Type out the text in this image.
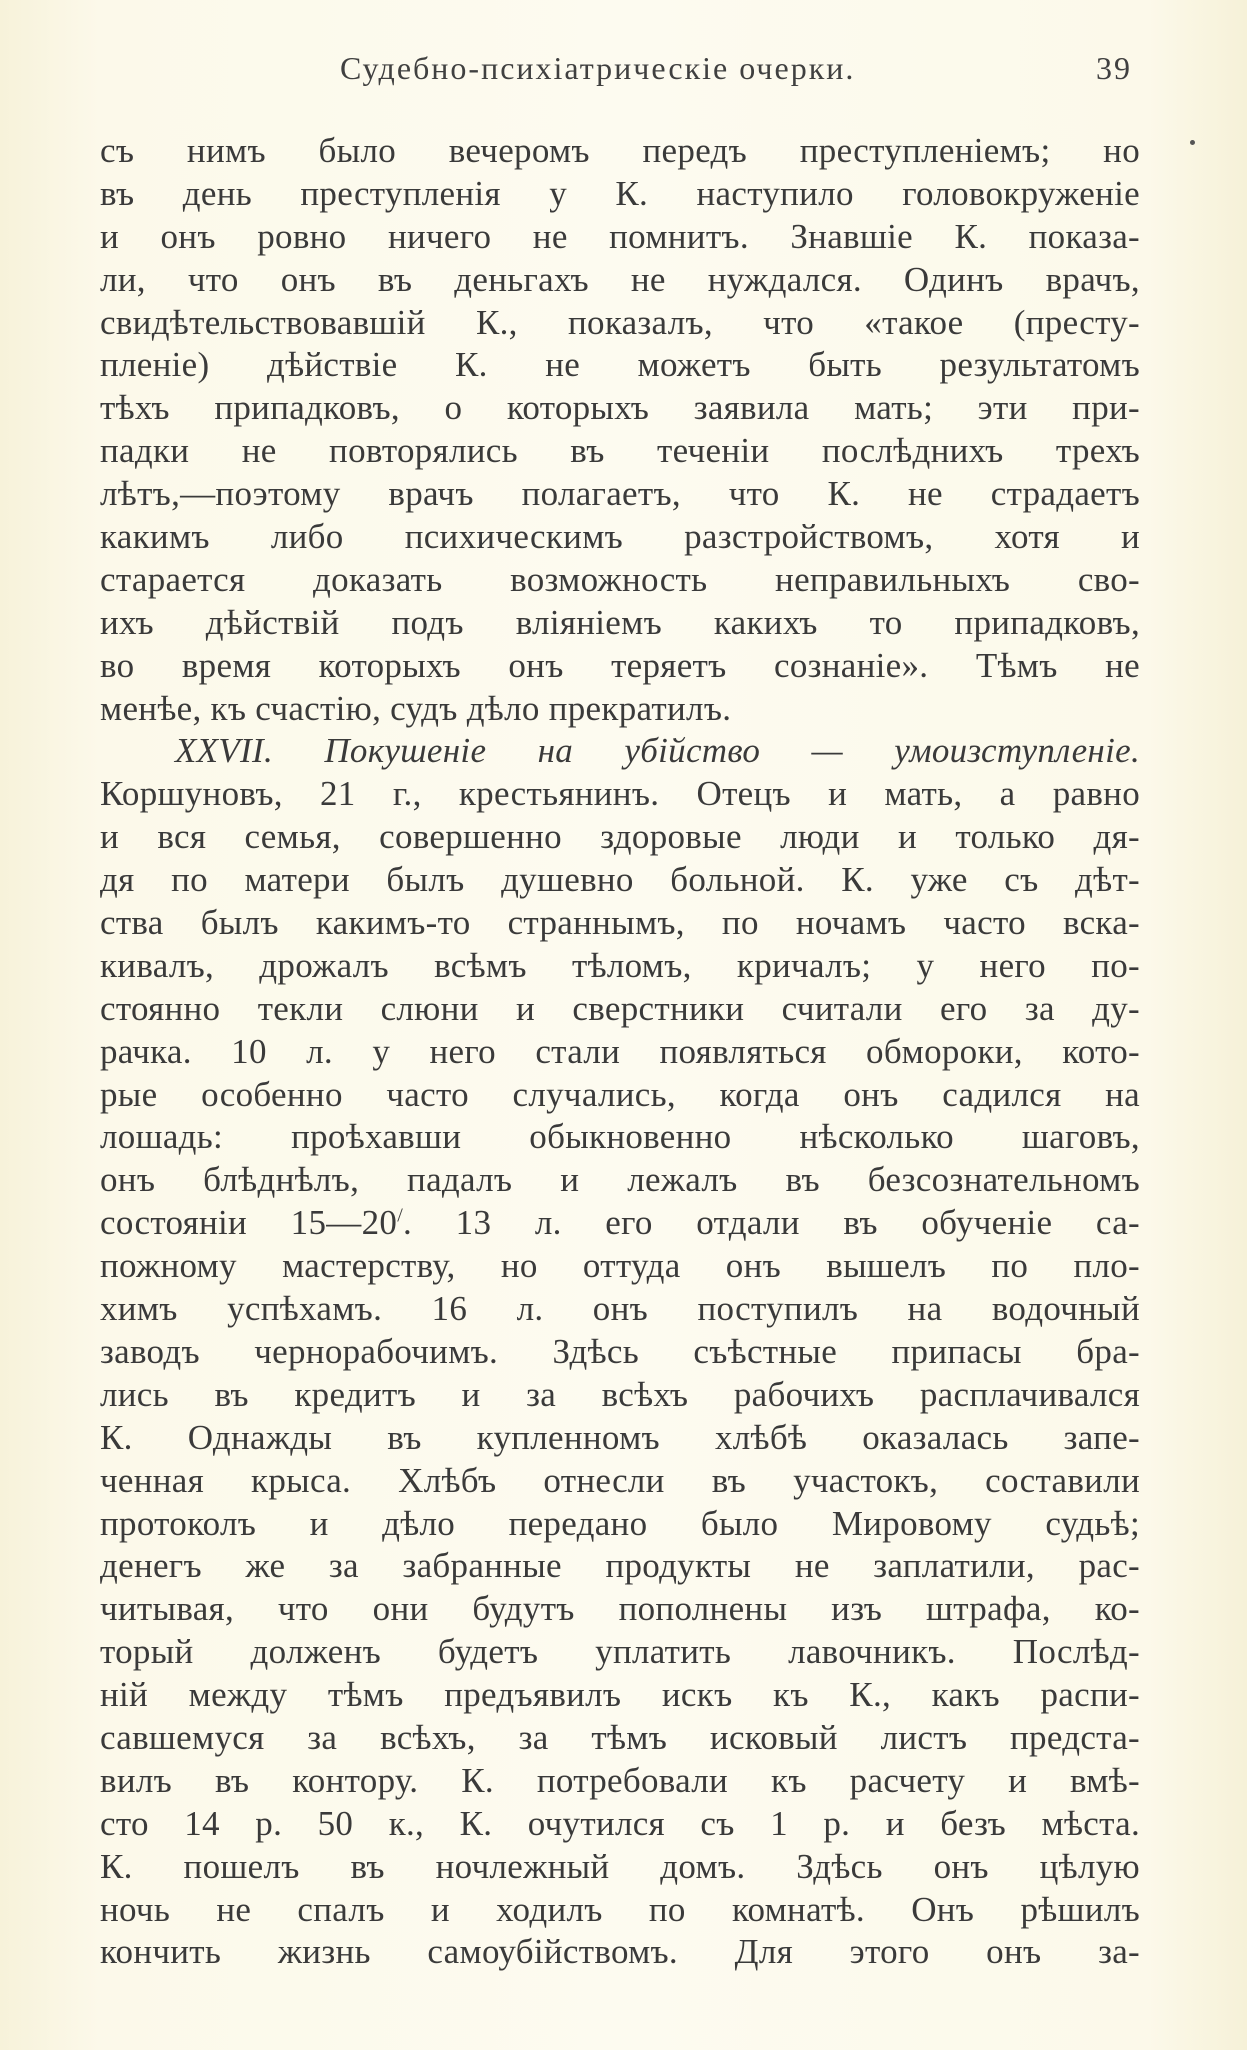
Судебно-психіатрическіе очерки.	39
съ нимъ было вечеромъ передъ преступленіемъ; но
въ день преступленія у К. наступило головокруженіе
и онъ ровно ничего не помнитъ. Знавшіе К. показа-
ли, что онъ въ деньгахъ не нуждался. Одинъ врачъ,
свидѣтельствовавшій К., показалъ, что «такое (престу-
пленіе) дѣйствіе К. не можетъ быть результатомъ
тѣхъ припадковъ, о которыхъ заявила мать; эти при-
падки не повторялись въ теченіи послѣднихъ трехъ
лѣтъ,—поэтому врачъ полагаетъ, что К. не страдаетъ
какимъ либо психическимъ разстройствомъ, хотя и
старается доказать возможность неправильныхъ сво-
ихъ дѣйствій подъ вліяніемъ какихъ то припадковъ,
во время которыхъ онъ теряетъ сознаніе». Тѣмъ не
менѣе, къ счастію, судъ дѣло прекратилъ.
XXVII. Покушеніе на убійство — умоизступленіе.
Коршуновъ, 21 г., крестьянинъ. Отецъ и мать, а равно
и вся семья, совершенно здоровые люди и только дя-
дя по матери былъ душевно больной. К. уже съ дѣт-
ства былъ какимъ-то страннымъ, по ночамъ часто вска-
кивалъ, дрожалъ всѣмъ тѣломъ, кричалъ; у него по-
стоянно текли слюни и сверстники считали его за ду-
рачка. 10 л. у него стали появляться обмороки, кото-
рые особенно часто случались, когда онъ садился на
лошадь: проѣхавши обыкновенно нѣсколько шаговъ,
онъ блѣднѣлъ, падалъ и лежалъ въ безсознательномъ
состояніи 15—20/. 13 л. его отдали въ обученіе са-
пожному мастерству, но оттуда онъ вышелъ по пло-
химъ успѣхамъ. 16 л. онъ поступилъ на водочный
заводъ чернорабочимъ. Здѣсь съѣстные припасы бра-
лись въ кредитъ и за всѣхъ рабочихъ расплачивался
К. Однажды въ купленномъ хлѣбѣ оказалась запе-
ченная крыса. Хлѣбъ отнесли въ участокъ, составили
протоколъ и дѣло передано было Мировому судьѣ;
денегъ же за забранные продукты не заплатили, рас-
читывая, что они будутъ пополнены изъ штрафа, ко-
торый долженъ будетъ уплатить лавочникъ. Послѣд-
ній между тѣмъ предъявилъ искъ къ К., какъ распи-
савшемуся за всѣхъ, за тѣмъ исковый листъ предста-
вилъ въ контору. К. потребовали къ расчету и вмѣ-
сто 14 р. 50 к., К. очутился съ 1 р. и безъ мѣста.
К. пошелъ въ ночлежный домъ. Здѣсь онъ цѣлую
ночь не спалъ и ходилъ по комнатѣ. Онъ рѣшилъ
кончить жизнь самоубійствомъ. Для этого онъ за-
